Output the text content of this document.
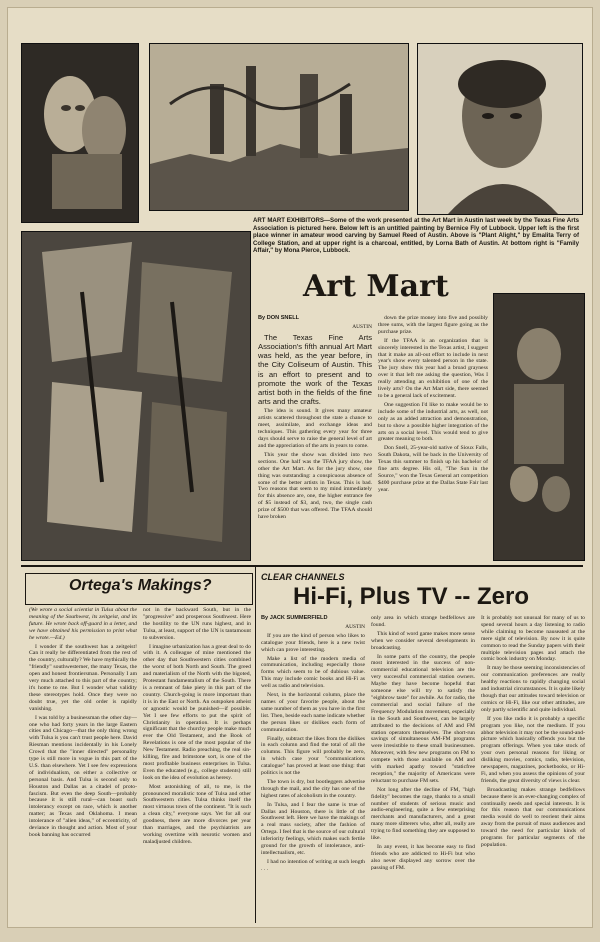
ART MART EXHIBITORS—Some of the work presented at the Art Mart in Austin last week by the Texas Fine Arts Association is pictured here. Below left is an untitled painting by Bernice Fly of Lubbock. Upper left is the first place winner in amateur wood carving by Samuel Reed of Austin. Above is "Plant Alight," by Emalita Terry of College Station, and at upper right is a charcoal, entitled, by Lorna Bath of Austin. At bottom right is "Family Affair," by Mona Pierce, Lubbock.
Art Mart

By DON SNELL

AUSTIN

The Texas Fine Arts Association's fifth annual Art Mart was held, as the year before, in the City Coliseum of Austin. This is an effort to present and to promote the work of the Texas artist both in the fields of the fine arts and the crafts.

The idea is sound. It gives many amateur artists scattered throughout the state a chance to meet, assimilate, and exchange ideas and techniques. This gathering every year for three days should serve to raise the general level of art and the appreciation of the arts in years to come.

This year the show was divided into two sections. One half was the TFAA jury show, the other the Art Mart. As for the jury show, one thing was outstanding: a conspicuous absence of some of the better artists in Texas. This is bad. Two reasons that seem to my mind immediately for this absence are, one, the higher entrance fee of $5 instead of $3, and, two, the single cash prize of $500 that was offered. The TFAA should have broken

down the prize money into five and possibly three sums, with the largest figure going as the purchase prize.

If the TFAA is an organization that is sincerely interested in the Texas artist, I suggest that it make an all-out effort to include in next year's show every talented person in the state. The jury show this year had a broad grayness over it that left me asking the question, Was I really attending an exhibition of one of the lively arts? On the Art Mart side, there seemed to be a general lack of excitement.

One suggestion I'd like to make would be to include some of the industrial arts, as well, not only as an added attraction and demonstration, but to show a possible higher integration of the arts on a social level. This would tend to give greater meaning to both.

Don Snell, 25-year-old native of Sioux Falls, South Dakota, will be back in the University of Texas this summer to finish up his bachelor of fine arts degree. His oil, "The Sun in the Source," won the Texas General art competition $400 purchase prize at the Dallas State Fair last year.

Ortega's Makings?

(We wrote a social scientist in Tulsa about the meaning of the Southwest, its zeitgeist, and its future. He wrote back off-guard in a letter, and we have obtained his permission to print what he wrote.—Ed.)

I wonder if the southwest has a zeitgeist! Can it really be differentiated from the rest of the country, culturally? We have mythically the "friendly" southwesterner, the many Texas, the open and honest frontiersman. Personally I am very much attached to this part of the country; it's home to me. But I wonder what validity these stereotypes hold. Once they were no doubt true, yet the old order is rapidly vanishing.

I was told by a businessman the other day—one who had forty years in the large Eastern cities and Chicago—that the only thing wrong with Tulsa is you can't trust people here. David Riesman mentions incidentally in his Lonely Crowd that the "inner directed" personality type is still more in vogue in this part of the U.S. than elsewhere. Yet I see few expressions of individualism, on either a collective or personal basis. And Tulsa is second only to Houston and Dallas as a citadel of proto-fascism. But even the deep South—probably because it is still rural—can boast such intolerancy except on race, which is another matter; as Texas and Oklahoma. I mean intolerance of "alien ideas," of eccentricity, of deviance in thought and action. Most of your book banning has occurred

not in the backward South, but in the "progressive" and prosperous Southwest. Here the hostility to the UN runs highest, and in Tulsa, at least, support of the UN is tantamount to subversion.

I imagine urbanization has a great deal to do with it. A colleague of mine mentioned the other day that Southwestern cities combined the worst of both North and South. The greed and materialism of the North with the bigoted, Protestant fundamentalism of the South. There is a remnant of fake piety in this part of the country. Church-going is more important than it is in the East or North. An outspoken atheist or agnostic would be punished—if possible. Yet I see few efforts to put the spirit of Christianity in operation. It is perhaps significant that the churchy people make much ever the Old Testament, and the Book of Revelations is one of the most popular of the New Testament. Radio preaching, the real sin-killing, fire and brimstone sort, is one of the most profitable business enterprises in Tulsa. Even the educated (e.g., college students) still look on the idea of evolution as heresy.

Most astonishing of all, to me, is the pronounced moralistic tone of Tulsa and other Southwestern cities. Tulsa thinks itself the most virtuous town of the continent. "It is such a clean city," everyone says. Yet for all our goodness, there are more divorces per year than marriages, and the psychiatrists are working overtime with neurotic women and maladjusted children.

CLEAR CHANNELS
Hi-Fi, Plus TV -- Zero

By JACK SUMMERFIELD

AUSTIN

If you are the kind of person who likes to catalogue your friends, here is a new twist which can prove interesting.

Make a list of the modern media of communication, including especially those forms which seem to be of dubious value. This may include comic books and Hi-Fi as well as radio and television.

Next, in the horizontal column, place the names of your favorite people, about the same number of them as you have in the first list. Then, beside each name indicate whether the person likes or dislikes each form of communication.

Finally, subtract the likes from the dislikes in each column and find the total of all the columns. This figure will probably be zero, in which case your "communications catalogue" has proved at least one thing: that politics is not the

The town is dry, but bootleggers advertise through the mail, and the city has one of the highest rates of alcoholism in the country.

In Tulsa, and I fear the same is true of Dallas and Houston, there is little of the Southwest left. Here we have the makings of a real mass society, after the fashion of Ortega. I feel that is the source of our cultural inferiority feelings, which makes such fertile ground for the growth of intolerance, anti-intellectualism, etc.

I had no intention of writing at such length . . .

only area in which strange bedfellows are found.

This kind of word game makes more sense when we consider several developments in broadcasting.

In some parts of the country, the people most interested in the success of non-commercial educational television are the very successful commercial station owners. Maybe they have become hopeful that someone else will try to satisfy the "eighbrow taste" for awhile. As for radio, the commercial and social failure of the Frequency Modulation movement, especially in the South and Southwest, can be largely attributed to the decisions of AM and FM station operators themselves. The short-run savings of simultaneous AM-FM programs were irresistible to these small businessmen. Moreover, with few new programs on FM to compete with those available on AM and with marked apathy toward "staticfree reception," the majority of Americans were reluctant to purchase FM sets.

Not long after the decline of FM, "high fidelity" becomes the rage, thanks to a small number of students of serious music and audio-engineering, quite a few enterprising merchants and manufacturers, and a great many more slitterers who, after all, really are trying to find something they are supposed to like.

In any event, it has become easy to find friends who are addicted to Hi-Fi but who also never displayed any sorrow over the passing of FM.

It is probably not unusual for many of us to spend several hours a day listening to radio while claiming to become nauseated at the mere sight of television. By now it is quite common to read the Sunday papers with their multiple television pages and attach the comic book industry on Monday.

It may be those seeming inconsistencies of our communication preferences are really healthy reactions to rapidly changing social and industrial circumstances. It is quite likely though that our attitudes toward television or comics or Hi-Fi, like our other attitudes, are only partly scientific and quite individual.

If you like radio it is probably a specific program you like, not the medium. If you abhor television it may not be the sound-and-picture which basically offends you but the program offerings. When you take stock of your own personal reasons for liking or disliking movies, comics, radio, television, newspapers, magazines, pocketbooks, or Hi-Fi, and when you assess the opinions of your friends, the great diversity of views is clear.

Broadcasting makes strange bedfellows because there is an ever-changing complex of continually needs and special interests. It is for this reason that our communications media would do well to reorient their aims away from the pursuit of mass audiences and toward the need for particular kinds of programs for particular segments of the population.
